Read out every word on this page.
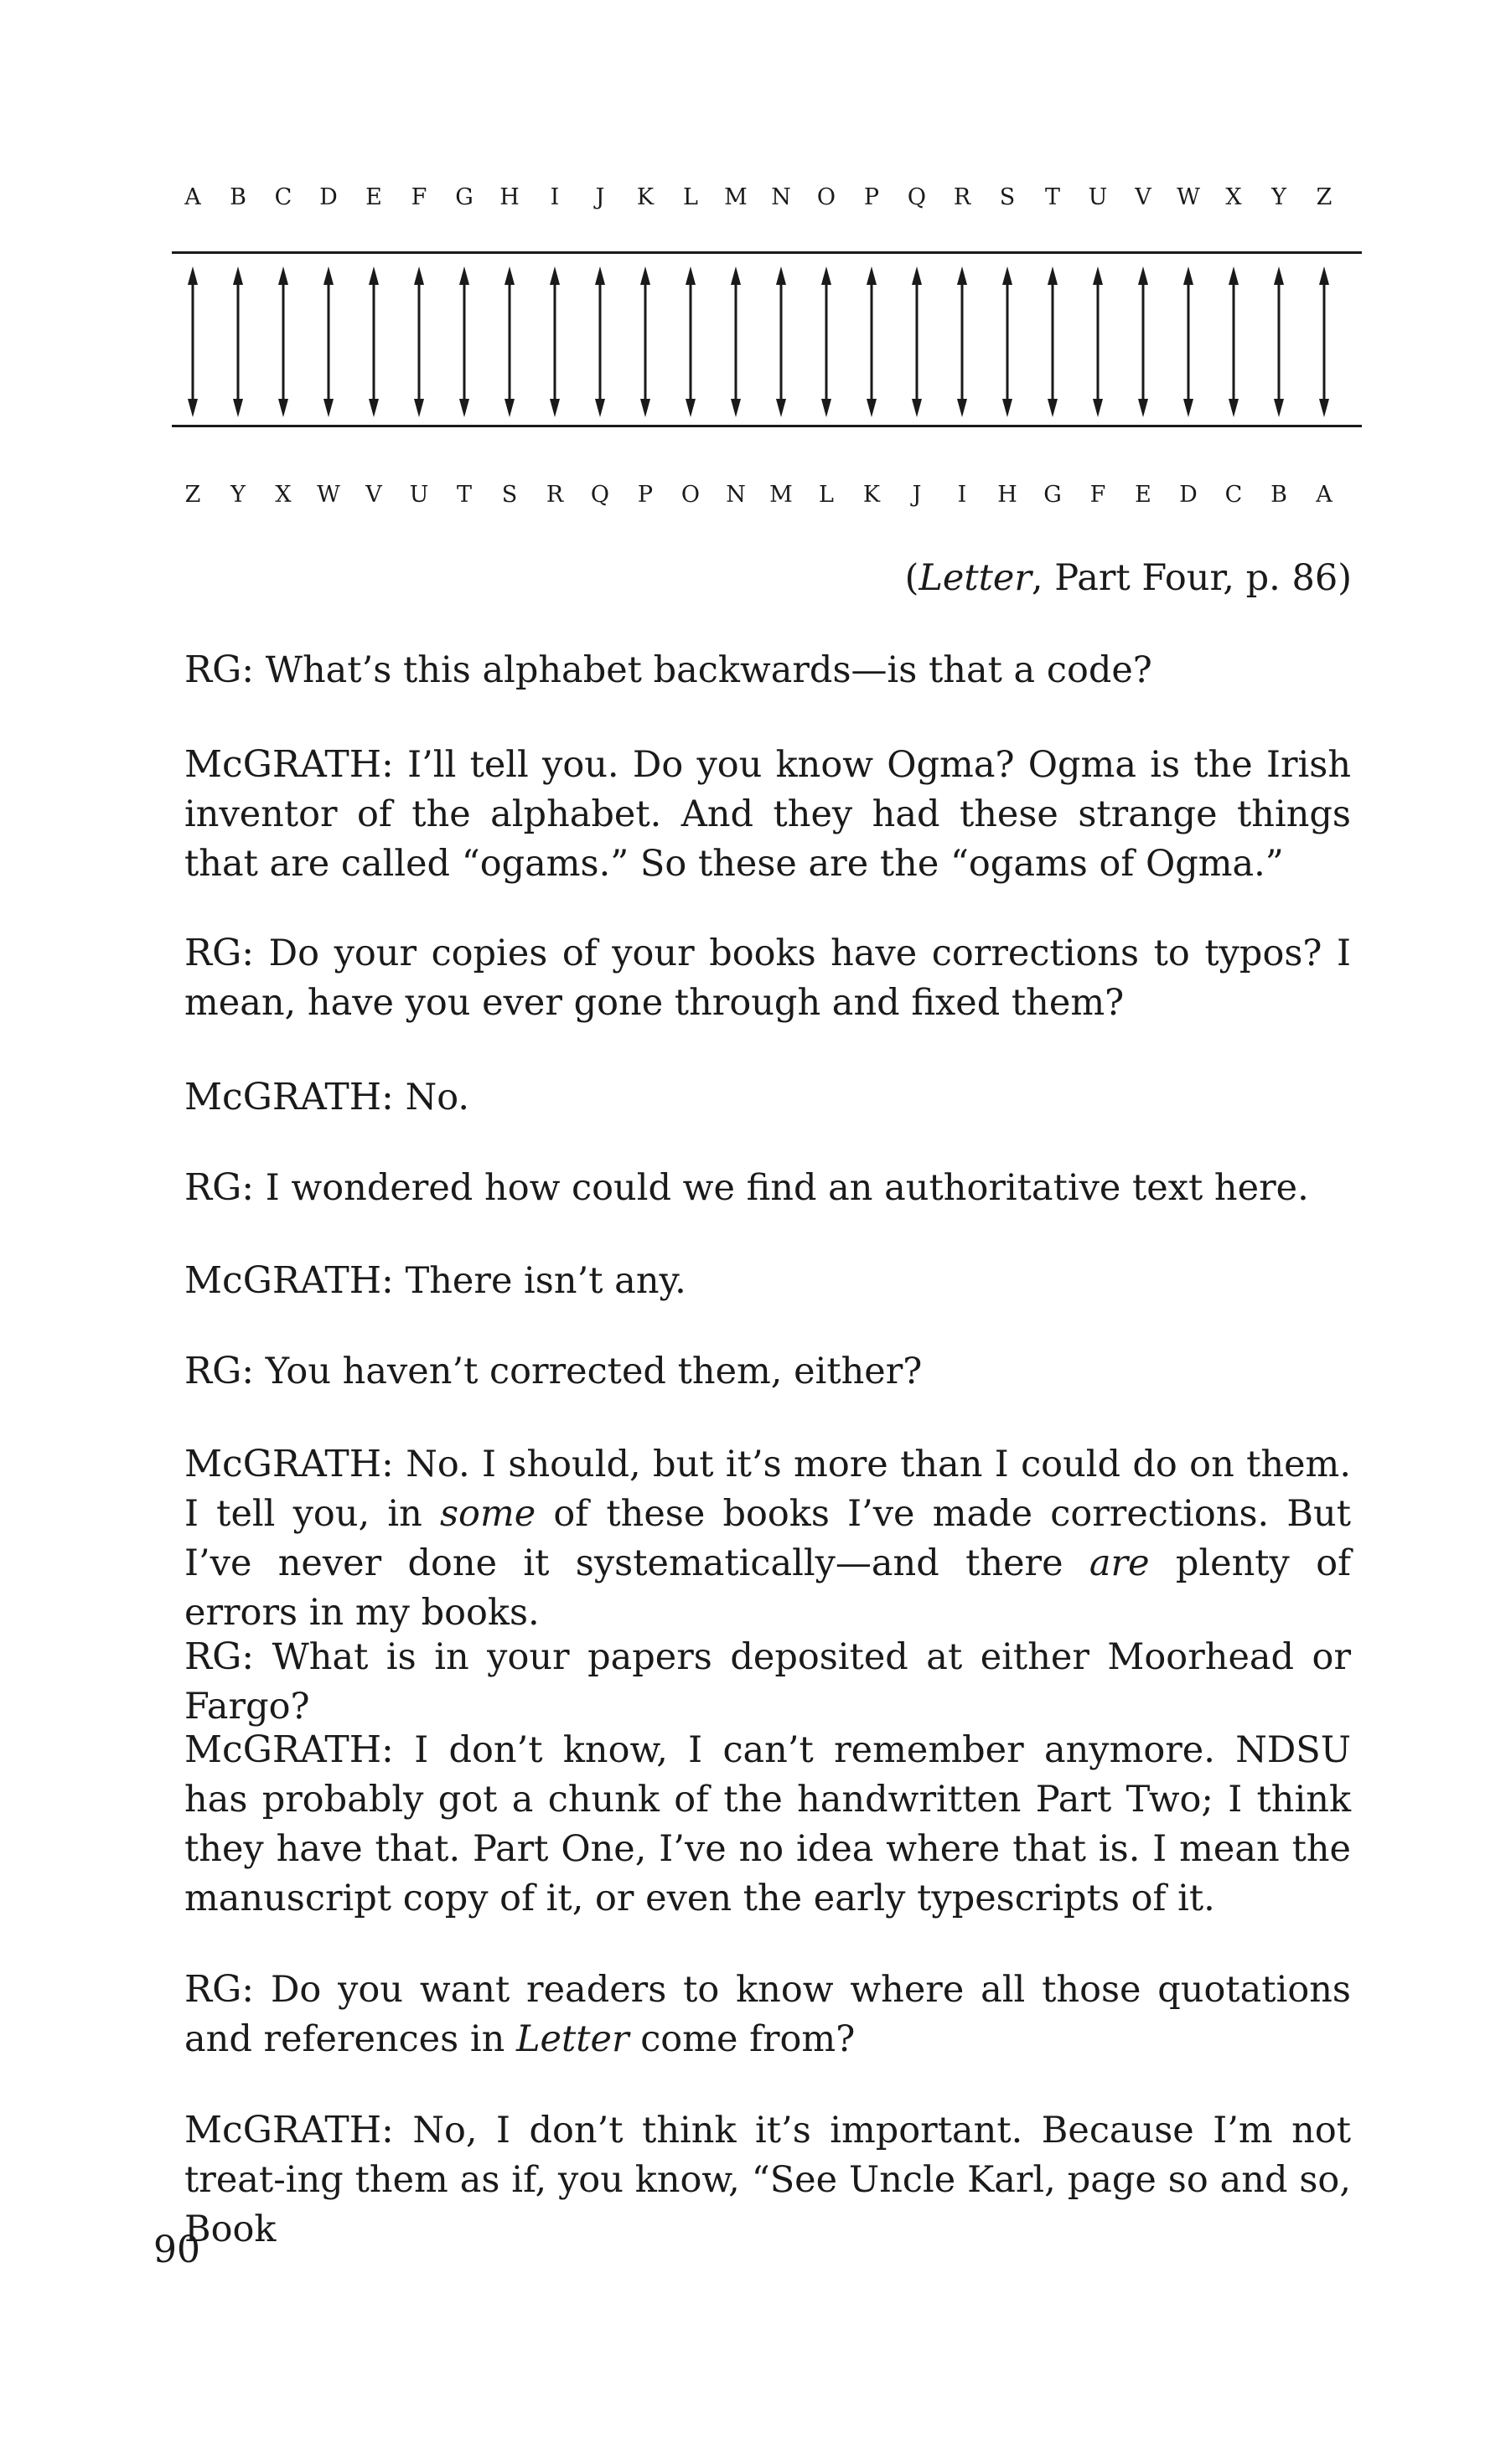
A	B	C	D	E	F	G	H	I	J	K	L	M	N	O	P	Q	R	S	T	U	V	W	X	Y	Z
Z	Y	X	W	V	U	T	S	R	Q	P	O	N	M	L	K	J	I	H	G	F	E	D	C	B	A
(Letter, Part Four, p. 86)
RG: What’s this alphabet backwards—is that a code?
McGRATH: I’ll tell you. Do you know Ogma? Ogma is the Irish inventor of the alphabet. And they had these strange things that are called “ogams.” So these are the “ogams of Ogma.”
RG: Do your copies of your books have corrections to typos? I mean, have you ever gone through and fixed them?
McGRATH: No.
RG: I wondered how could we find an authoritative text here.
McGRATH: There isn’t any.
RG: You haven’t corrected them, either?
McGRATH: No. I should, but it’s more than I could do on them. I tell you, in some of these books I’ve made corrections. But I’ve never done it systematically—and there are plenty of errors in my books.
RG: What is in your papers deposited at either Moorhead or Fargo?
McGRATH: I don’t know, I can’t remember anymore. NDSU has probably got a chunk of the handwritten Part Two; I think they have that. Part One, I’ve no idea where that is. I mean the manuscript copy of it, or even the early typescripts of it.
RG: Do you want readers to know where all those quotations and references in Letter come from?
McGRATH: No, I don’t think it’s important. Because I’m not treat-ing them as if, you know, “See Uncle Karl, page so and so, Book
90
